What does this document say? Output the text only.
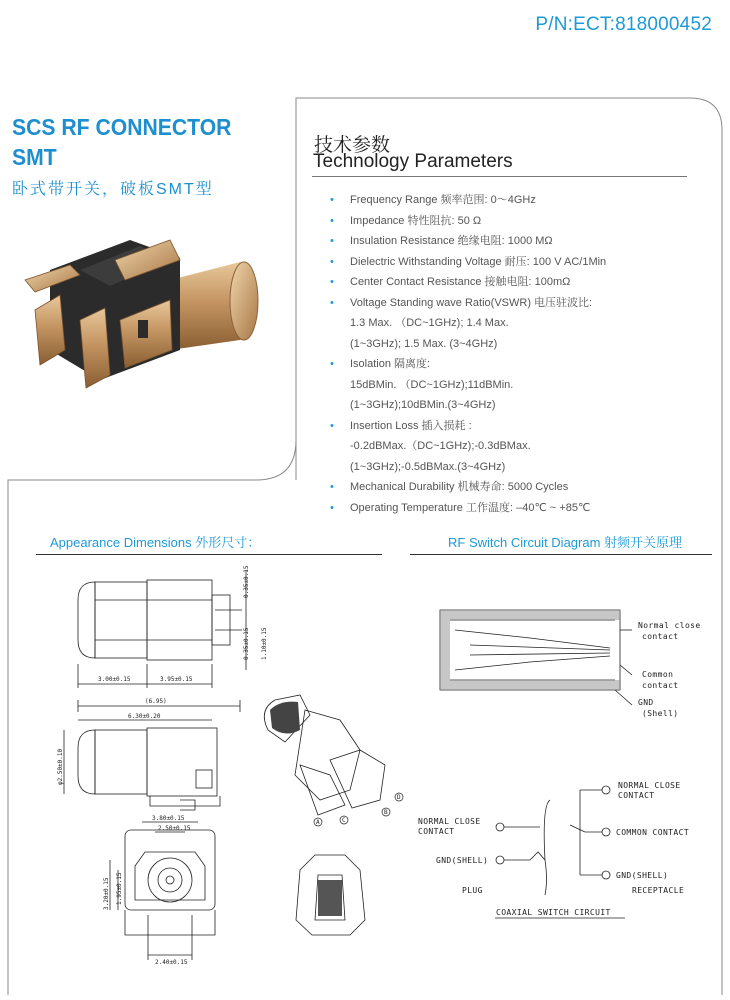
P/N:ECT:818000452
SCS RF CONNECTOR
SMT
卧式带开关，破板SMT型
技术参数
Technology Parameters
• Frequency Range 频率范围: 0～4GHz
• Impedance 特性阻抗: 50 Ω
• Insulation Resistance 绝缘电阻: 1000 MΩ
• Dielectric Withstanding Voltage 耐压: 100 V AC/1Min
• Center Contact Resistance 接触电阻: 100mΩ
• Voltage Standing wave Ratio(VSWR) 电压驻波比:
1.3 Max. （DC~1GHz); 1.4 Max.
(1~3GHz); 1.5 Max. (3~4GHz)
• Isolation 隔离度:
15dBMin. （DC~1GHz);11dBMin.
(1~3GHz);10dBMin.(3~4GHz)
• Insertion Loss 插入损耗 :
-0.2dBMax.（DC~1GHz);-0.3dBMax.
(1~3GHz);-0.5dBMax.(3~4GHz)
• Mechanical Durability 机械寿命: 5000 Cycles
• Operating Temperature 工作温度: –40℃ ~ +85℃
Appearance Dimensions 外形尺寸：	RF Switch Circuit Diagram 射频开关原理
0.35±0.15
1.10±0.15
0.35±0.15
3.00±0.15	3.95±0.15
(6.95)
6.30±0.20
φ2.50±0.10
3.80±0.15
2.50±0.15
3.20±0.15 1.95±0.15
2.40±0.15
A
B
C
D
Normal close
contact
Common
contact
GND
(Shell)
NORMAL CLOSE
CONTACT
COMMON CONTACT
GND(SHELL)
NORMAL CLOSE
CONTACT
GND(SHELL)
PLUG	RECEPTACLE
COAXIAL SWITCH CIRCUIT
